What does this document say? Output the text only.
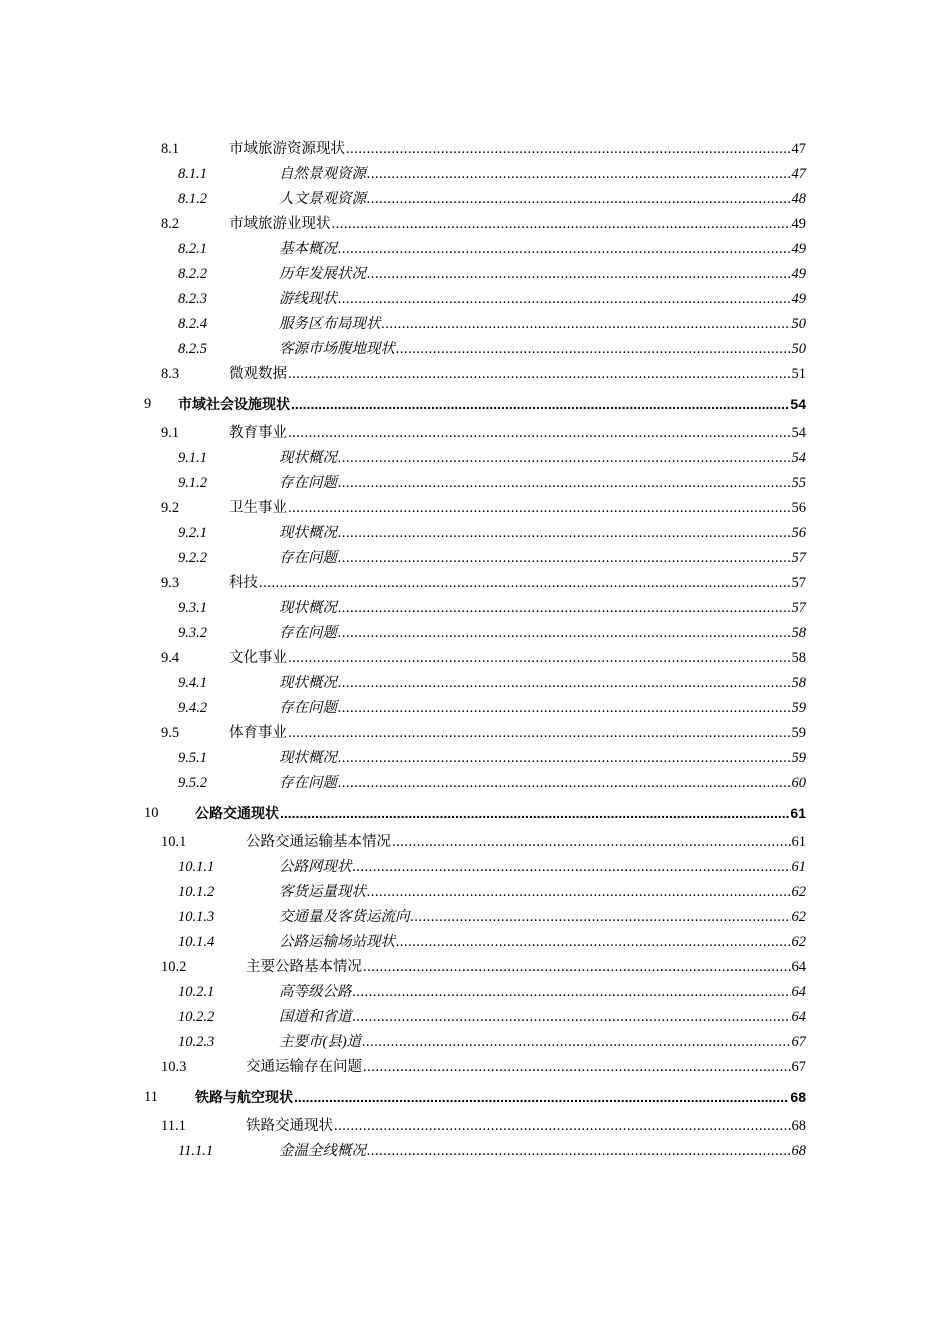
8.1	市域旅游资源现状 .....	47
8.1.1	自然景观资源 .....	47
8.1.2	人文景观资源 .....	48
8.2	市域旅游业现状 .....	49
8.2.1	基本概况 .....	49
8.2.2	历年发展状况 .....	49
8.2.3	游线现状 .....	49
8.2.4	服务区布局现状 .....	50
8.2.5	客源市场腹地现状 .....	50
8.3	微观数据 .....	51
9 市域社会设施现状 .....	54
9.1	教育事业 .....	54
9.1.1	现状概况 .....	54
9.1.2	存在问题 .....	55
9.2	卫生事业 .....	56
9.2.1	现状概况 .....	56
9.2.2	存在问题 .....	57
9.3	科技 .....	57
9.3.1	现状概况 .....	57
9.3.2	存在问题 .....	58
9.4	文化事业 .....	58
9.4.1	现状概况 .....	58
9.4.2	存在问题 .....	59
9.5	体育事业 .....	59
9.5.1	现状概况 .....	59
9.5.2	存在问题 .....	60
10	公路交通现状 .....	61
10.1	公路交通运输基本情况 .....	61
10.1.1	公路网现状 .....	61
10.1.2	客货运量现状 .....	62
10.1.3	交通量及客货运流向 .....	62
10.1.4	公路运输场站现状 .....	62
10.2	主要公路基本情况 .....	64
10.2.1	高等级公路 .....	64
10.2.2	国道和省道 .....	64
10.2.3	主要市(县)道 .....	67
10.3	交通运输存在问题 .....	67
11	铁路与航空现状 .....	68
11.1	铁路交通现状 .....	68
11.1.1	金温全线概况 .....	68
